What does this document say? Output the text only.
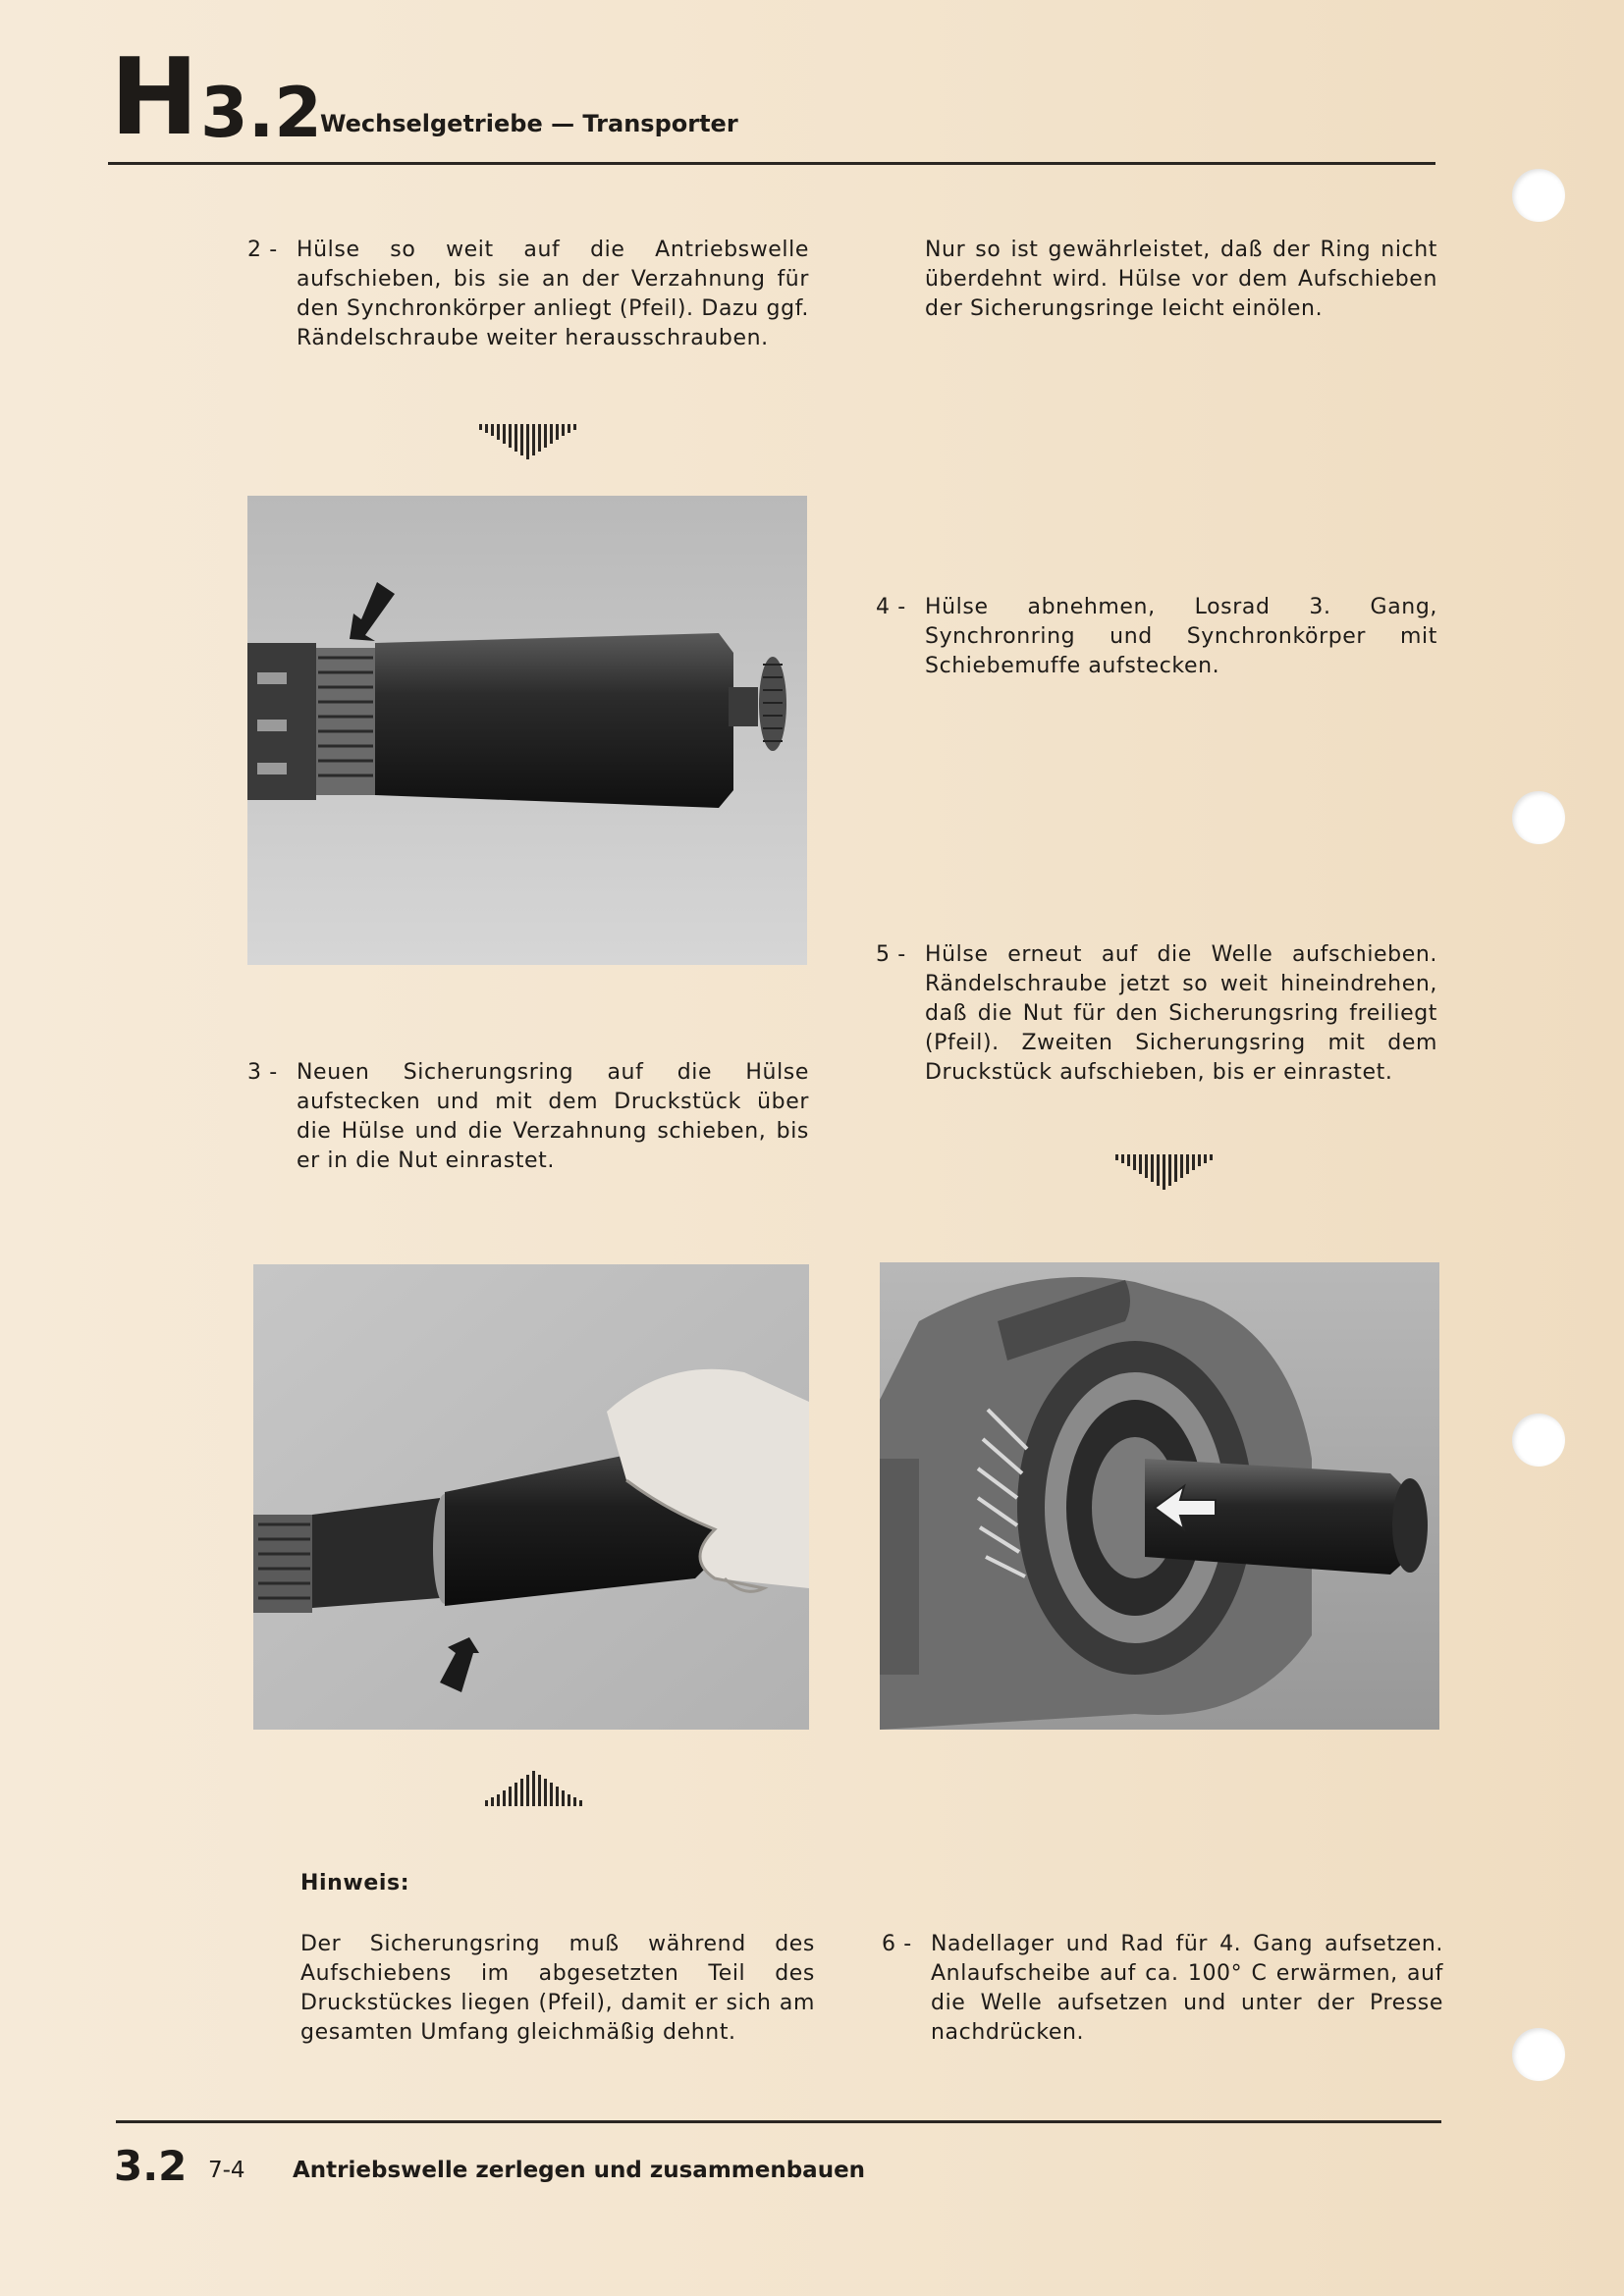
H 3.2
Wechselgetriebe — Transporter
2 - Hülse so weit auf die Antriebswelle aufschieben, bis sie an der Verzahnung für den Synchronkörper anliegt (Pfeil). Dazu ggf. Rändelschraube weiter herausschrauben.
Nur so ist gewährleistet, daß der Ring nicht überdehnt wird. Hülse vor dem Aufschieben der Sicherungsringe leicht einölen.
4 - Hülse abnehmen, Losrad 3. Gang, Synchronring und Synchronkörper mit Schiebemuffe aufstecken.
5 - Hülse erneut auf die Welle aufschieben. Rändelschraube jetzt so weit hineindrehen, daß die Nut für den Sicherungsring freiliegt (Pfeil). Zweiten Sicherungsring mit dem Druckstück aufschieben, bis er einrastet.
3 - Neuen Sicherungsring auf die Hülse aufstecken und mit dem Druckstück über die Hülse und die Verzahnung schieben, bis er in die Nut einrastet.
Hinweis:
Der Sicherungsring muß während des Aufschiebens im abgesetzten Teil des Druckstückes liegen (Pfeil), damit er sich am gesamten Umfang gleichmäßig dehnt.
6 - Nadellager und Rad für 4. Gang aufsetzen. Anlaufscheibe auf ca. 100° C erwärmen, auf die Welle aufsetzen und unter der Presse nachdrücken.
3.2 7-4 Antriebswelle zerlegen und zusammenbauen
